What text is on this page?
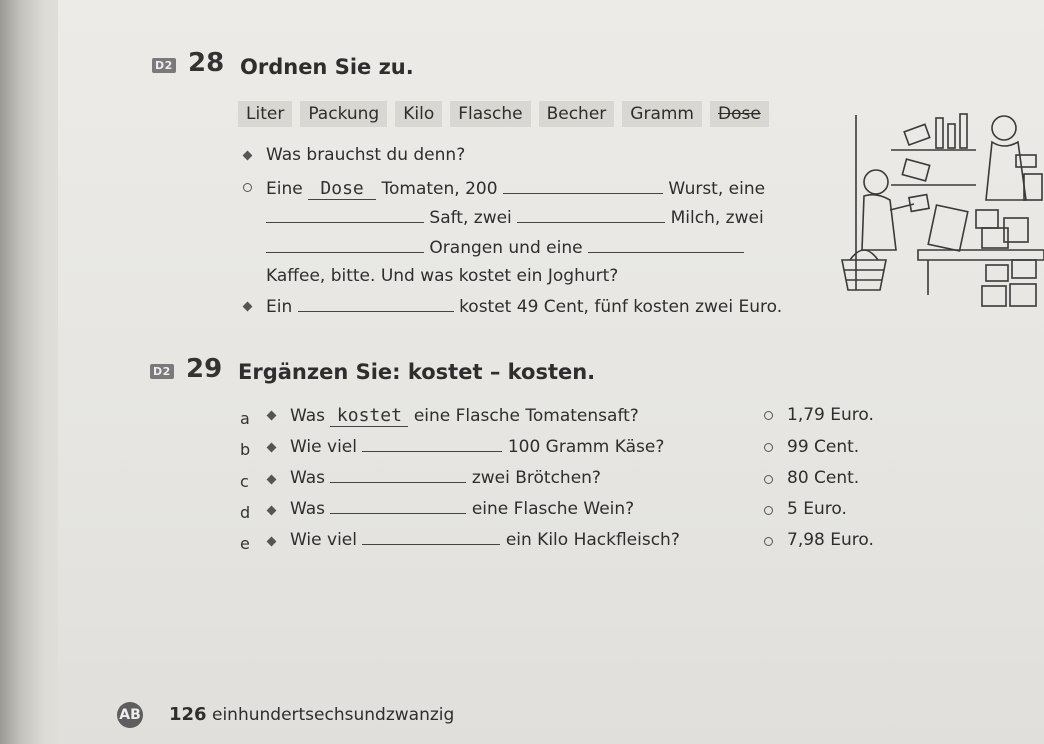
D2 28 Ordnen Sie zu.
Liter Packung Kilo Flasche Becher Gramm Dose
Was brauchst du denn?
Eine Dose Tomaten, 200	Wurst, eine
Saft, zwei	Milch, zwei
Orangen und eine
Kaffee, bitte. Und was kostet ein Joghurt?
Ein	kostet 49 Cent, fünf kosten zwei Euro.
D2 29 Ergänzen Sie: kostet – kosten.
a Was kostet eine Flasche Tomatensaft?	1,79 Euro.
b Wie viel	100 Gramm Käse?	99 Cent.
c Was	zwei Brötchen?	80 Cent.
d Was	eine Flasche Wein?	5 Euro.
e Wie viel	ein Kilo Hackfleisch?	7,98 Euro.
AB 126 einhundertsechsundzwanzig
